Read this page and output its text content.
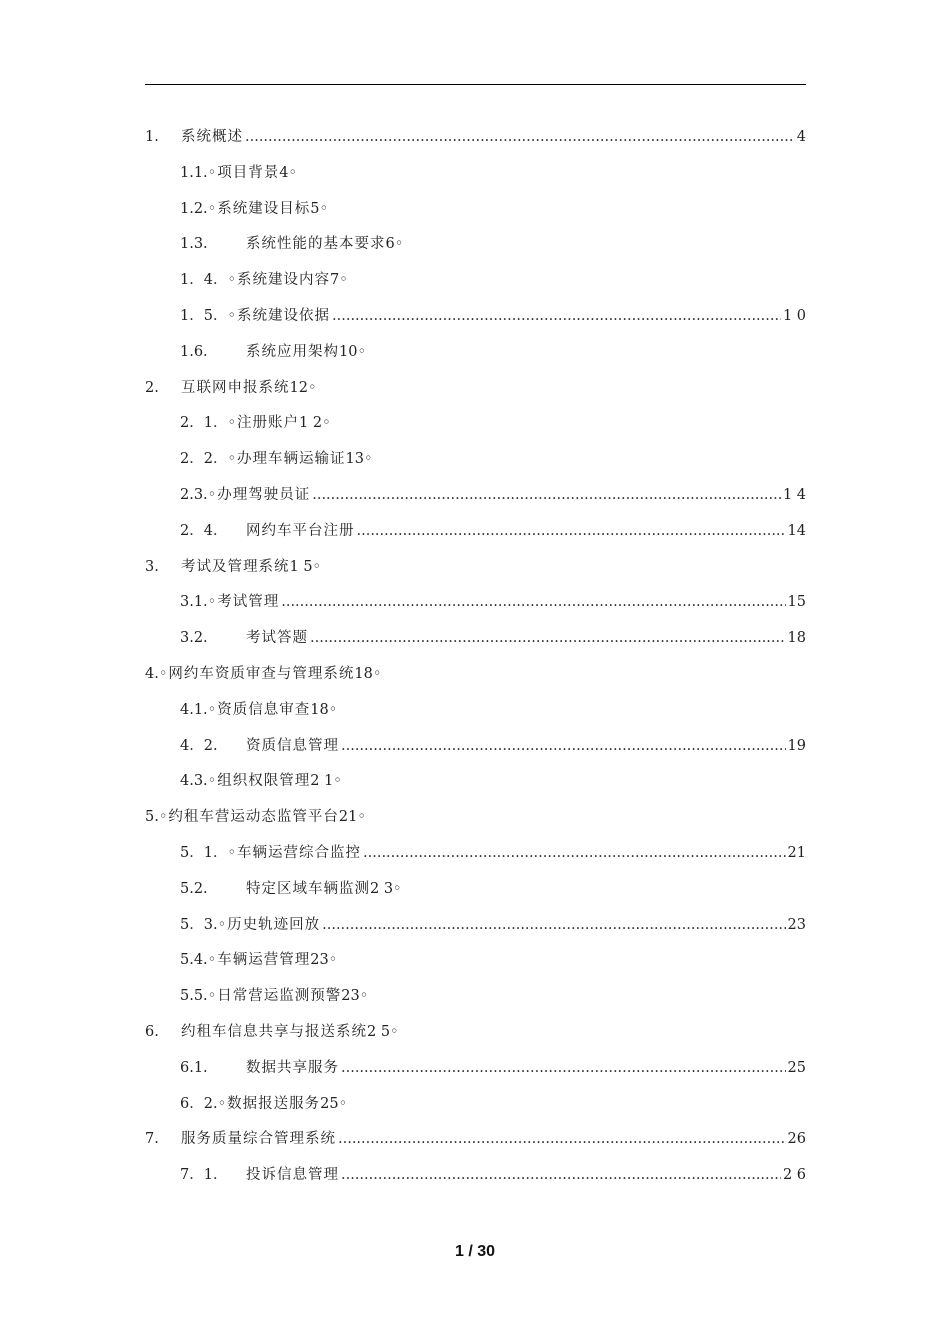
1.	系统概述 .....	4
1.1.◦项目背景4◦
1.2.◦系统建设目标5◦
1.3.	系统性能的基本要求6◦
1．4．◦系统建设内容7◦
1．5． ◦系统建设依据 .....	1 0
1.6.	系统应用架构10◦
2. 互联网申报系统12◦
2．1．◦注册账户1 2◦
2．2．◦办理车辆运输证13◦
2.3. ◦办理驾驶员证 .....	1 4
2．4．	网约车平台注册 .....	14
3. 考试及管理系统1 5◦
3.1. ◦考试管理 .....	15
3.2.	考试答题 .....	18
4.◦网约车资质审查与管理系统18◦
4.1.◦资质信息审查18◦
4．2.	资质信息管理 .....	19
4.3.◦组织权限管理2 1◦
5.◦约租车营运动态监管平台21◦
5．1． ◦车辆运营综合监控 .....	21
5.2.	特定区域车辆监测2 3◦
5．3. ◦历史轨迹回放 .....	23
5.4.◦车辆运营管理23◦
5.5.◦日常营运监测预警23◦
6. 约租车信息共享与报送系统2 5◦
6.1.	数据共享服务 .....	25
6．2.◦数据报送服务25◦
7.	服务质量综合管理系统 .....	26
7．1．	投诉信息管理 .....	2 6
1 / 30
